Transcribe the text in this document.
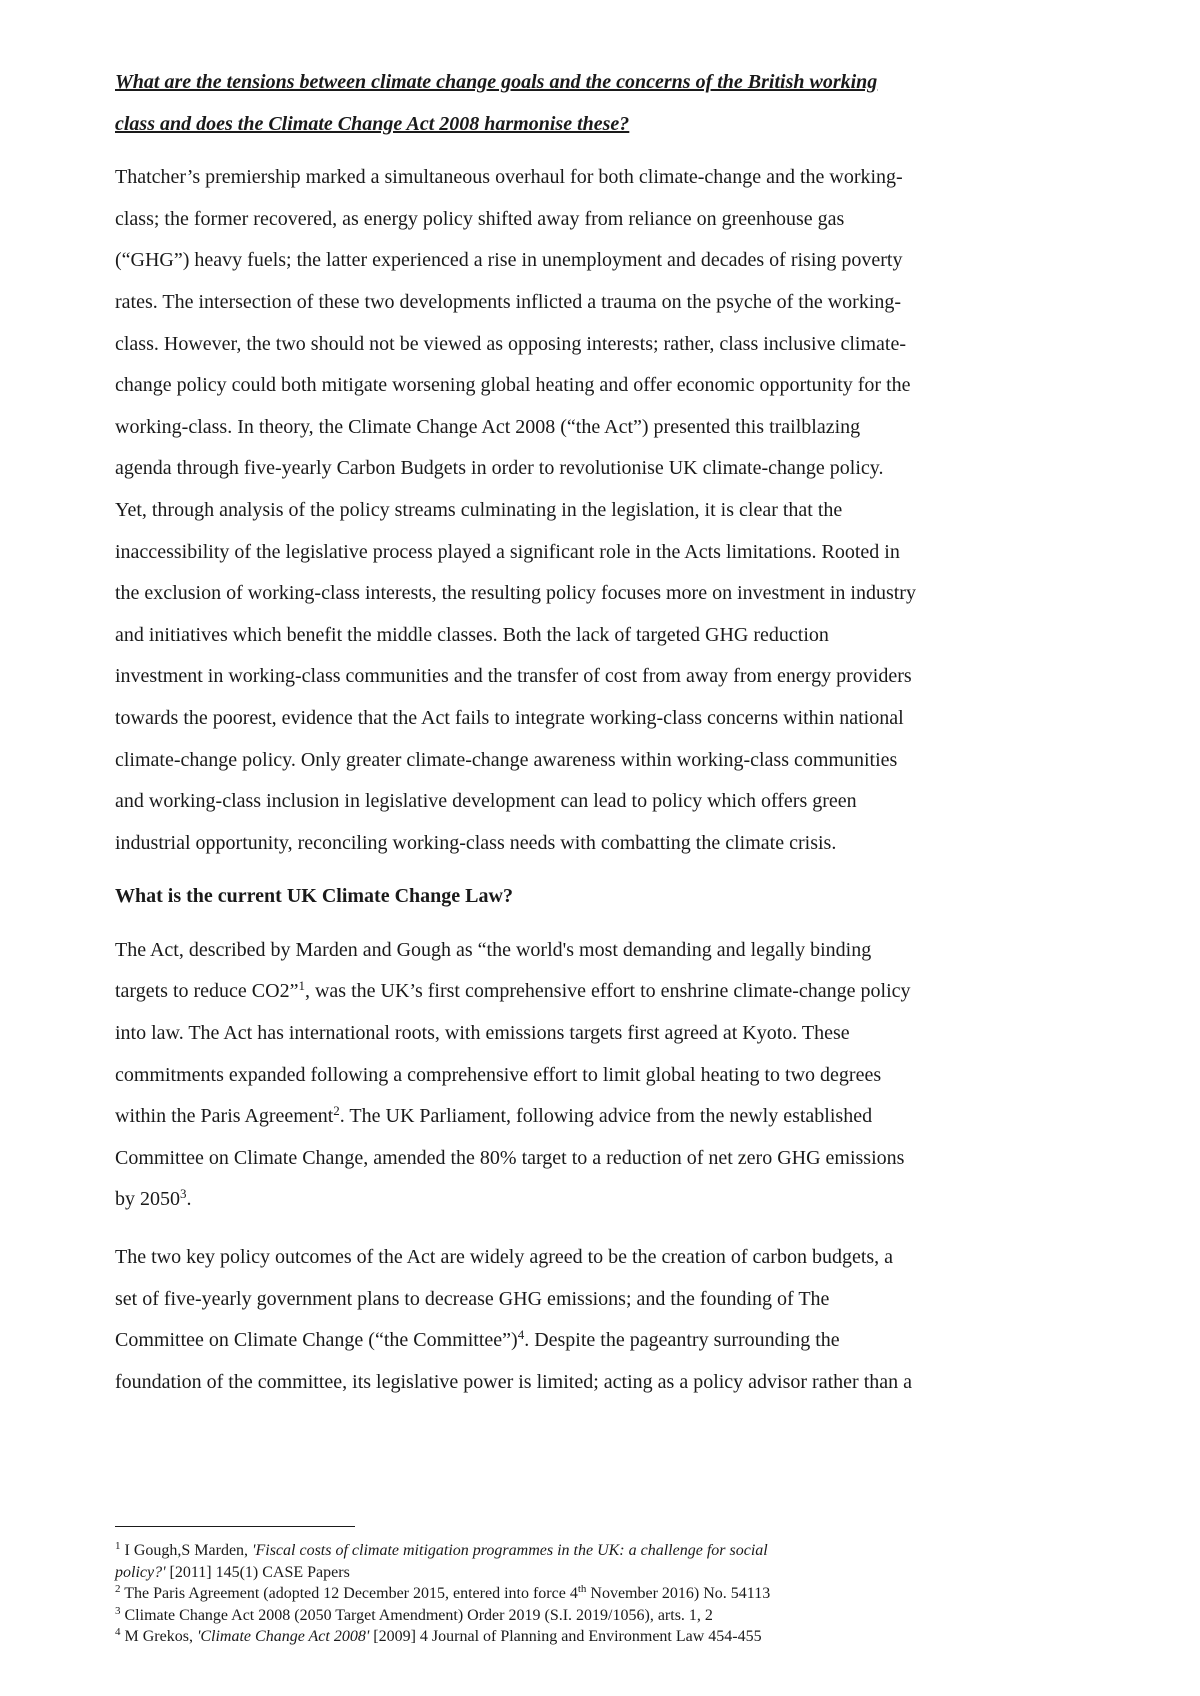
What are the tensions between climate change goals and the concerns of the British working
class and does the Climate Change Act 2008 harmonise these?
Thatcher’s premiership marked a simultaneous overhaul for both climate-change and the working-
class; the former recovered, as energy policy shifted away from reliance on greenhouse gas
(“GHG”) heavy fuels; the latter experienced a rise in unemployment and decades of rising poverty
rates. The intersection of these two developments inflicted a trauma on the psyche of the working-
class. However, the two should not be viewed as opposing interests; rather, class inclusive climate-
change policy could both mitigate worsening global heating and offer economic opportunity for the
working-class. In theory, the Climate Change Act 2008 (“the Act”) presented this trailblazing
agenda through five-yearly Carbon Budgets in order to revolutionise UK climate-change policy.
Yet, through analysis of the policy streams culminating in the legislation, it is clear that the
inaccessibility of the legislative process played a significant role in the Acts limitations. Rooted in
the exclusion of working-class interests, the resulting policy focuses more on investment in industry
and initiatives which benefit the middle classes. Both the lack of targeted GHG reduction
investment in working-class communities and the transfer of cost from away from energy providers
towards the poorest, evidence that the Act fails to integrate working-class concerns within national
climate-change policy. Only greater climate-change awareness within working-class communities
and working-class inclusion in legislative development can lead to policy which offers green
industrial opportunity, reconciling working-class needs with combatting the climate crisis.
What is the current UK Climate Change Law?
The Act, described by Marden and Gough as “the world's most demanding and legally binding
targets to reduce CO2”$^1$, was the UK’s first comprehensive effort to enshrine climate-change policy
into law. The Act has international roots, with emissions targets first agreed at Kyoto. These
commitments expanded following a comprehensive effort to limit global heating to two degrees
within the Paris Agreement$^2$. The UK Parliament, following advice from the newly established
Committee on Climate Change, amended the 80% target to a reduction of net zero GHG emissions
by 2050$^3$.
The two key policy outcomes of the Act are widely agreed to be the creation of carbon budgets, a
set of five-yearly government plans to decrease GHG emissions; and the founding of The
Committee on Climate Change (“the Committee”)$^4$. Despite the pageantry surrounding the
foundation of the committee, its legislative power is limited; acting as a policy advisor rather than a
$^1$ I Gough,S Marden, 'Fiscal costs of climate mitigation programmes in the UK: a challenge for social
policy?' [2011] 145(1) CASE Papers
$^2$ The Paris Agreement (adopted 12 December 2015, entered into force 4th November 2016) No. 54113
$^3$ Climate Change Act 2008 (2050 Target Amendment) Order 2019 (S.I. 2019/1056), arts. 1, 2
$^4$ M Grekos, 'Climate Change Act 2008' [2009] 4 Journal of Planning and Environment Law 454-455
